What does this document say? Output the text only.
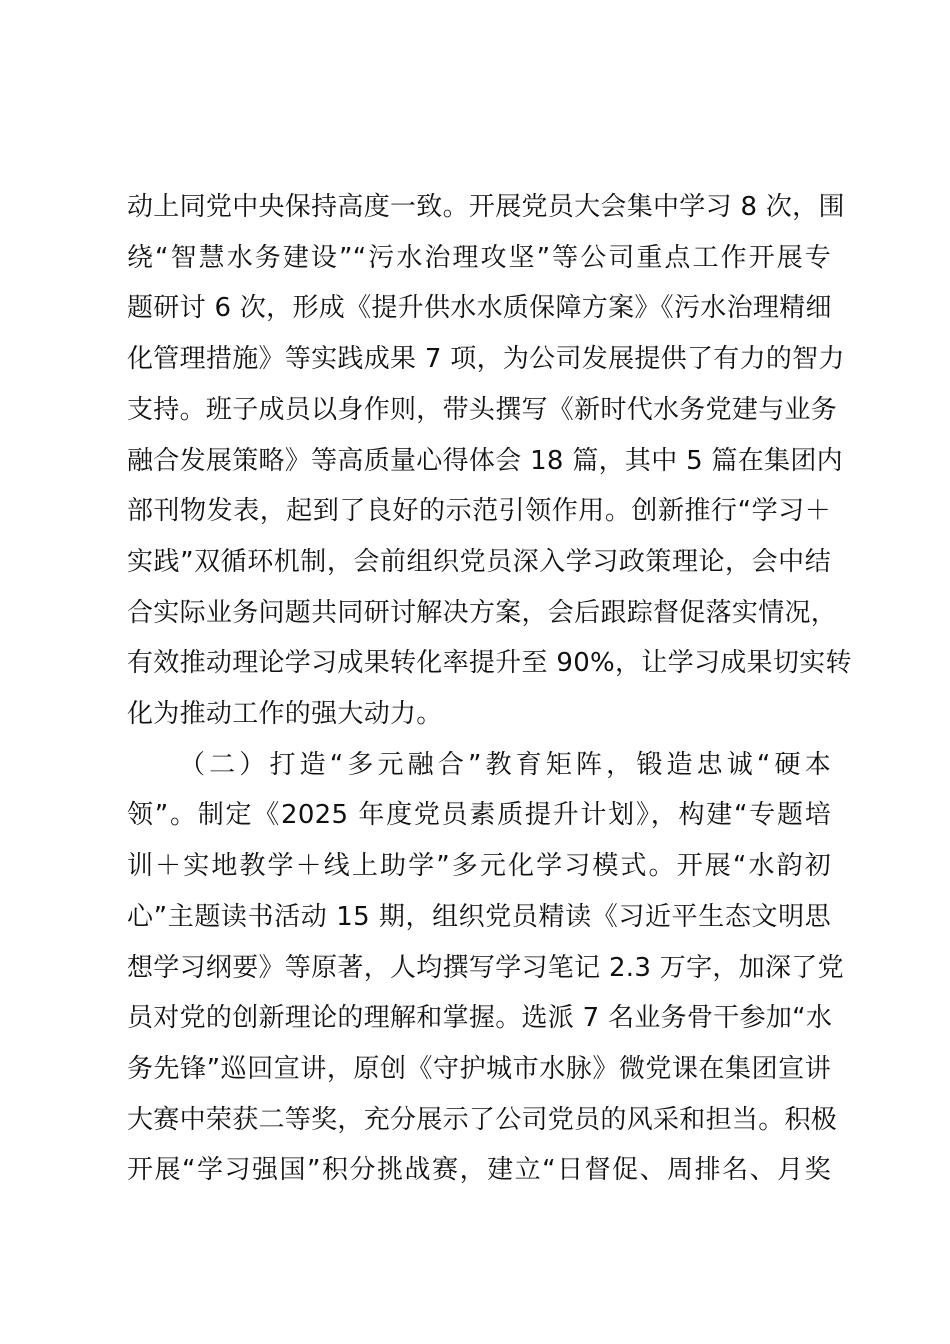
动上同党中央保持高度一致。开展党员大会集中学习 8 次，围
绕“智慧水务建设”“污水治理攻坚”等公司重点工作开展专
题研讨 6 次，形成《提升供水水质保障方案》《污水治理精细
化管理措施》等实践成果 7 项，为公司发展提供了有力的智力
支持。班子成员以身作则，带头撰写《新时代水务党建与业务
融合发展策略》等高质量心得体会 18 篇，其中 5 篇在集团内
部刊物发表，起到了良好的示范引领作用。创新推行“学习＋
实践”双循环机制，会前组织党员深入学习政策理论，会中结
合实际业务问题共同研讨解决方案，会后跟踪督促落实情况，
有效推动理论学习成果转化率提升至 90%，让学习成果切实转
化为推动工作的强大动力。
（二）打造“多元融合”教育矩阵，锻造忠诚“硬本
领”。制定《2025 年度党员素质提升计划》，构建“专题培
训＋实地教学＋线上助学”多元化学习模式。开展“水韵初
心”主题读书活动 15 期，组织党员精读《习近平生态文明思
想学习纲要》等原著，人均撰写学习笔记 2.3 万字，加深了党
员对党的创新理论的理解和掌握。选派 7 名业务骨干参加“水
务先锋”巡回宣讲，原创《守护城市水脉》微党课在集团宣讲
大赛中荣获二等奖，充分展示了公司党员的风采和担当。积极
开展“学习强国”积分挑战赛，建立“日督促、周排名、月奖
